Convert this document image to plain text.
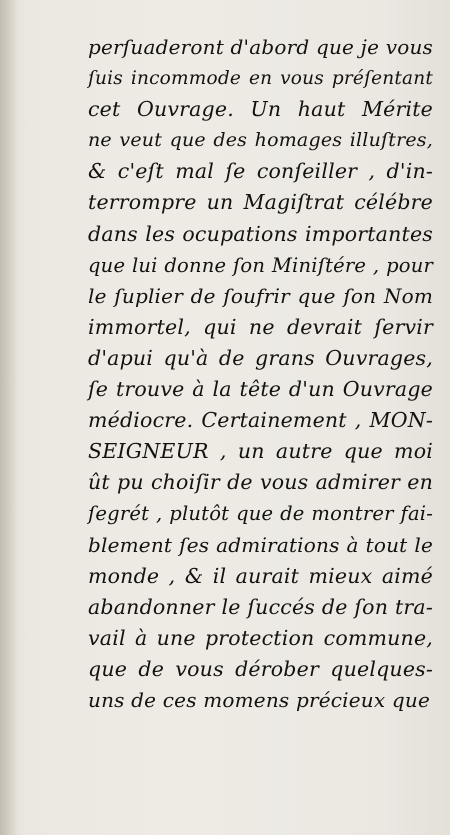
perſuaderont d'abord que je vous
ſuis incommode en vous préſentant
cet Ouvrage. Un haut Mérite
ne veut que des homages illuſtres,
& c'eſt mal ſe conſeiller , d'in-
terrompre un Magiſtrat célébre
dans les ocupations importantes
que lui donne ſon Miniſtére , pour
le ſuplier de ſoufrir que ſon Nom
immortel, qui ne devrait ſervir
d'apui qu'à de grans Ouvrages,
ſe trouve à la tête d'un Ouvrage
médiocre. Certainement , MON-
SEIGNEUR , un autre que moi
ût pu choiſir de vous admirer en
ſegrét , plutôt que de montrer fai-
blement ſes admirations à tout le
monde , & il aurait mieux aimé
abandonner le ſuccés de ſon tra-
vail à une protection commune,
que de vous dérober quelques-
uns de ces momens précieux que
